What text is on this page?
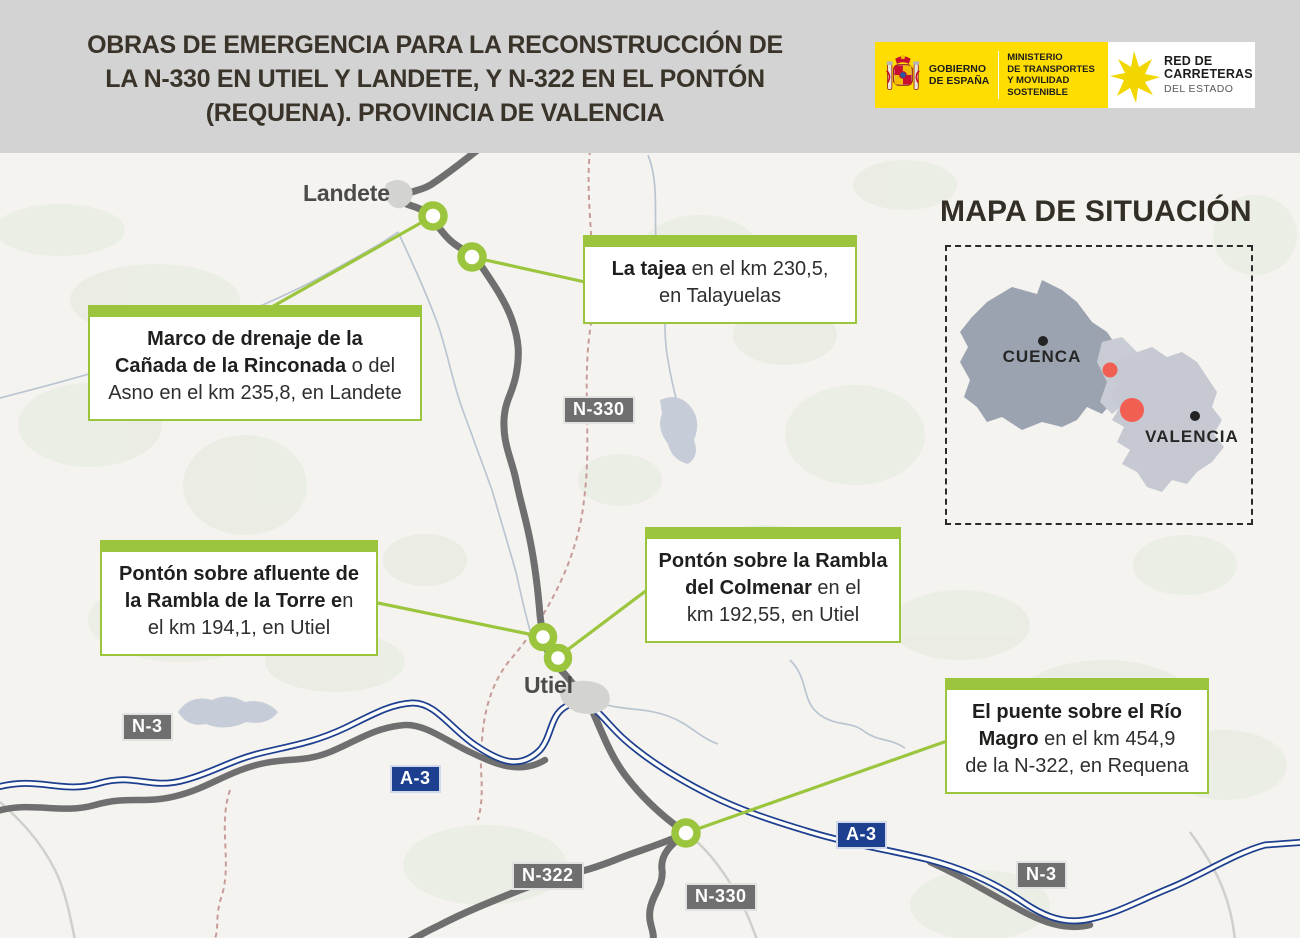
OBRAS DE EMERGENCIA PARA LA RECONSTRUCCIÓN DE
LA N-330 EN UTIEL Y LANDETE, Y N-322 EN EL PONTÓN
(REQUENA). PROVINCIA DE VALENCIA
GOBIERNO
DE ESPAÑA
MINISTERIO
DE TRANSPORTES
Y MOVILIDAD SOSTENIBLE
RED DE
CARRETERAS
DEL ESTADO
Landete
Utiel
N-330
N-3
A-3
A-3
N-3
N-322
N-330
La tajea en el km 230,5,
en Talayuelas
Marco de drenaje de la
Cañada de la Rinconada o del
Asno en el km 235,8, en Landete
Pontón sobre afluente de
la Rambla de la Torre en
el km 194,1, en Utiel
Pontón sobre la Rambla
del Colmenar en el
km 192,55, en Utiel
El puente sobre el Río
Magro en el km 454,9
de la N-322, en Requena
MAPA DE SITUACIÓN
CUENCA
VALENCIA
